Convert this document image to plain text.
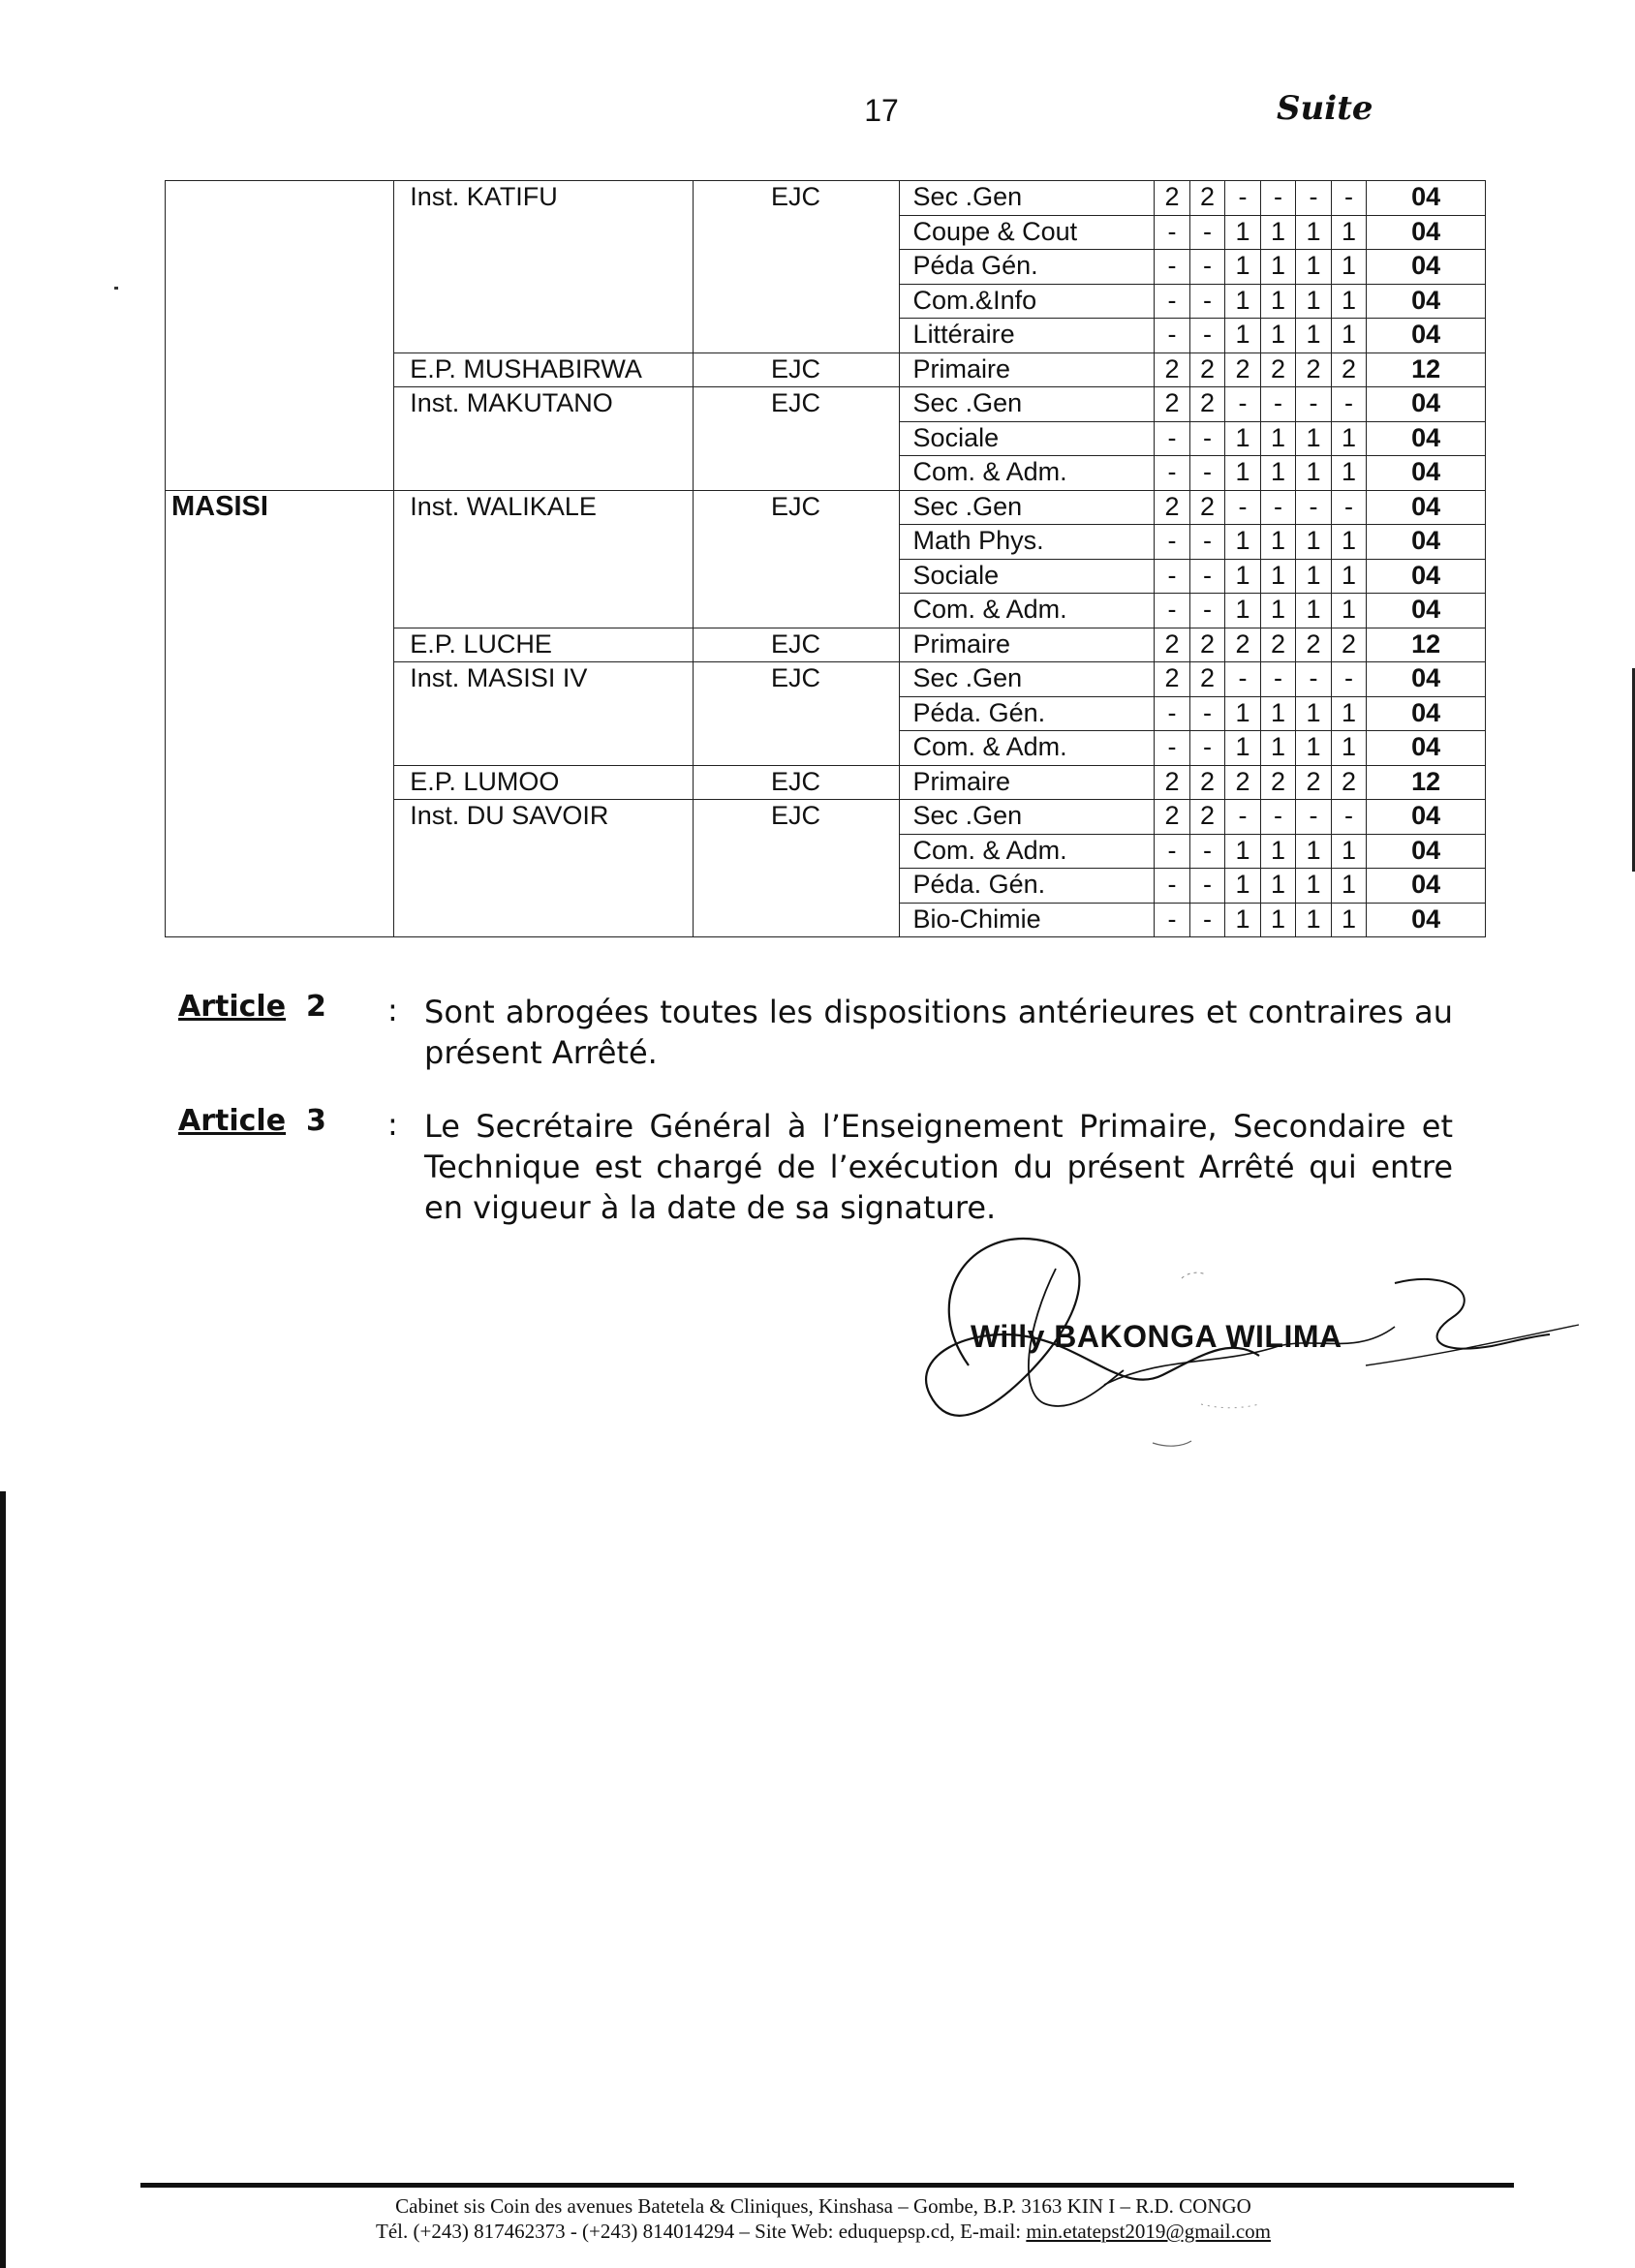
17	Suite
	Inst. KATIFU	EJC	Sec .Gen	2	2	-	-	-	-	04
			Coupe & Cout	-	-	1	1	1	1	04
			Péda Gén.	-	-	1	1	1	1	04
			Com.&Info	-	-	1	1	1	1	04
			Littéraire	-	-	1	1	1	1	04
	E.P. MUSHABIRWA	EJC	Primaire	2	2	2	2	2	2	12
	Inst. MAKUTANO	EJC	Sec .Gen	2	2	-	-	-	-	04
			Sociale	-	-	1	1	1	1	04
			Com. & Adm.	-	-	1	1	1	1	04
MASISI	Inst. WALIKALE	EJC	Sec .Gen	2	2	-	-	-	-	04
			Math Phys.	-	-	1	1	1	1	04
			Sociale	-	-	1	1	1	1	04
			Com. & Adm.	-	-	1	1	1	1	04
	E.P. LUCHE	EJC	Primaire	2	2	2	2	2	2	12
	Inst. MASISI IV	EJC	Sec .Gen	2	2	-	-	-	-	04
			Péda. Gén.	-	-	1	1	1	1	04
			Com. & Adm.	-	-	1	1	1	1	04
	E.P. LUMOO	EJC	Primaire	2	2	2	2	2	2	12
	Inst. DU SAVOIR	EJC	Sec .Gen	2	2	-	-	-	-	04
			Com. & Adm.	-	-	1	1	1	1	04
			Péda. Gén.	-	-	1	1	1	1	04
			Bio-Chimie	-	-	1	1	1	1	04
Article 2 : Sont abrogées toutes les dispositions antérieures et contraires au présent Arrêté.
Article 3 : Le Secrétaire Général à l’Enseignement Primaire, Secondaire et Technique est chargé de l’exécution du présent Arrêté qui entre en vigueur à la date de sa signature.
Willy BAKONGA WILIMA
Cabinet sis Coin des avenues Batetela & Cliniques, Kinshasa – Gombe, B.P. 3163 KIN I – R.D. CONGO
Tél. (+243) 817462373 - (+243) 814014294 – Site Web: eduquepsp.cd, E-mail: min.etatepst2019@gmail.com
